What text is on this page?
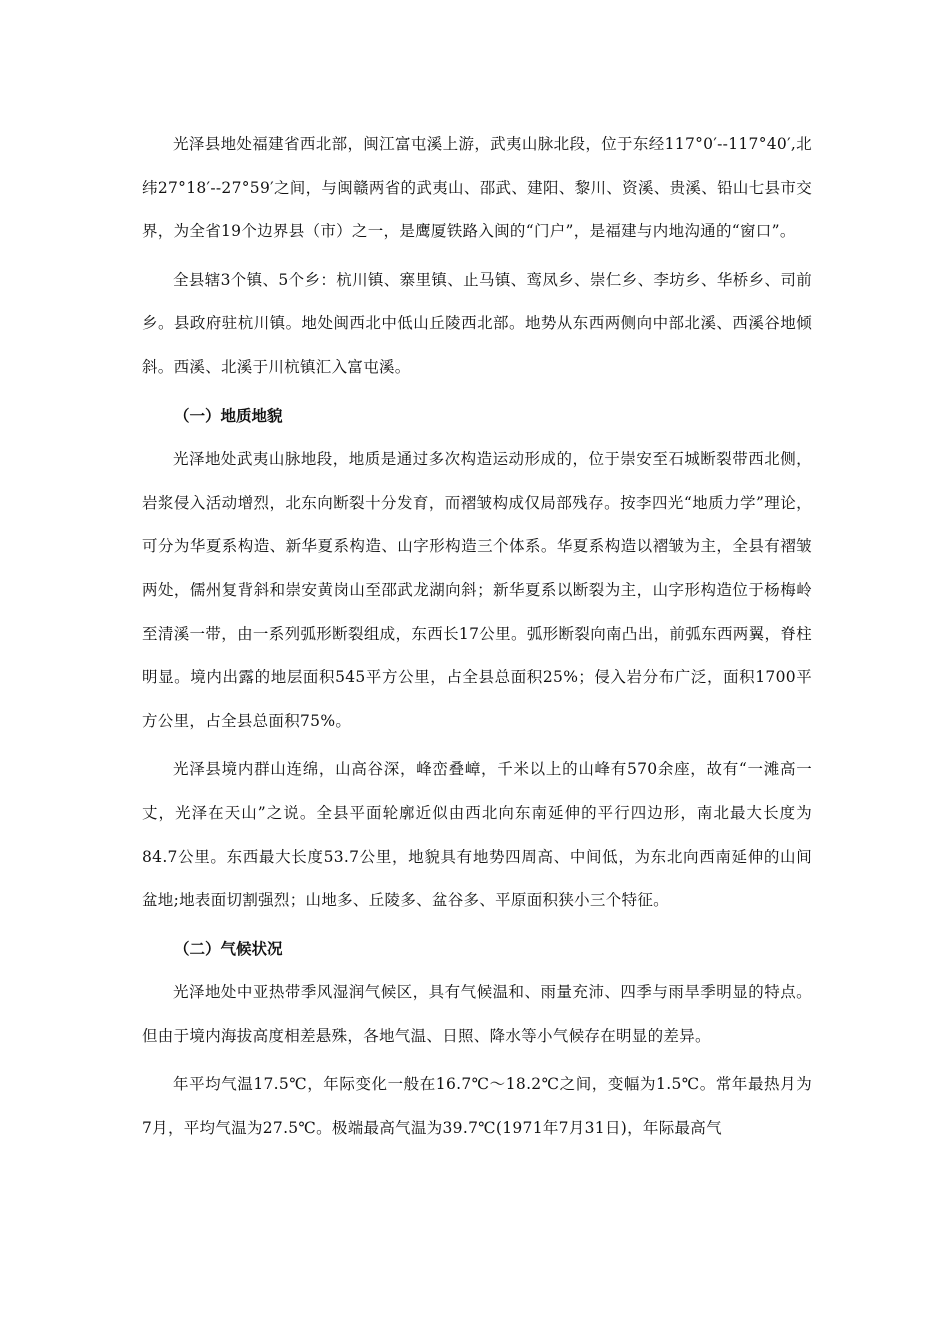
光泽县地处福建省西北部，闽江富屯溪上游，武夷山脉北段，位于东经117°0′--117°40′,北纬27°18′--27°59′之间，与闽赣两省的武夷山、邵武、建阳、黎川、资溪、贵溪、铅山七县市交界，为全省19个边界县（市）之一，是鹰厦铁路入闽的“门户”，是福建与内地沟通的“窗口”。

全县辖3个镇、5个乡：杭川镇、寨里镇、止马镇、鸾凤乡、崇仁乡、李坊乡、华桥乡、司前乡。县政府驻杭川镇。地处闽西北中低山丘陵西北部。地势从东西两侧向中部北溪、西溪谷地倾斜。西溪、北溪于川杭镇汇入富屯溪。

（一）地质地貌

光泽地处武夷山脉地段，地质是通过多次构造运动形成的，位于崇安至石城断裂带西北侧，岩浆侵入活动增烈，北东向断裂十分发育，而褶皱构成仅局部残存。按李四光“地质力学”理论，可分为华夏系构造、新华夏系构造、山字形构造三个体系。华夏系构造以褶皱为主，全县有褶皱两处，儒州复背斜和崇安黄岗山至邵武龙湖向斜；新华夏系以断裂为主，山字形构造位于杨梅岭至清溪一带，由一系列弧形断裂组成，东西长17公里。弧形断裂向南凸出，前弧东西两翼，脊柱明显。境内出露的地层面积545平方公里，占全县总面积25%；侵入岩分布广泛，面积1700平方公里，占全县总面积75%。

光泽县境内群山连绵，山高谷深，峰峦叠嶂，千米以上的山峰有570余座，故有“一滩高一丈，光泽在天山”之说。全县平面轮廓近似由西北向东南延伸的平行四边形，南北最大长度为84.7公里。东西最大长度53.7公里，地貌具有地势四周高、中间低，为东北向西南延伸的山间盆地;地表面切割强烈；山地多、丘陵多、盆谷多、平原面积狭小三个特征。

（二）气候状况

光泽地处中亚热带季风湿润气候区，具有气候温和、雨量充沛、四季与雨旱季明显的特点。但由于境内海拔高度相差悬殊，各地气温、日照、降水等小气候存在明显的差异。

年平均气温17.5℃，年际变化一般在16.7℃～18.2℃之间，变幅为1.5℃。常年最热月为7月，平均气温为27.5℃。极端最高气温为39.7℃(1971年7月31日)，年际最高气
